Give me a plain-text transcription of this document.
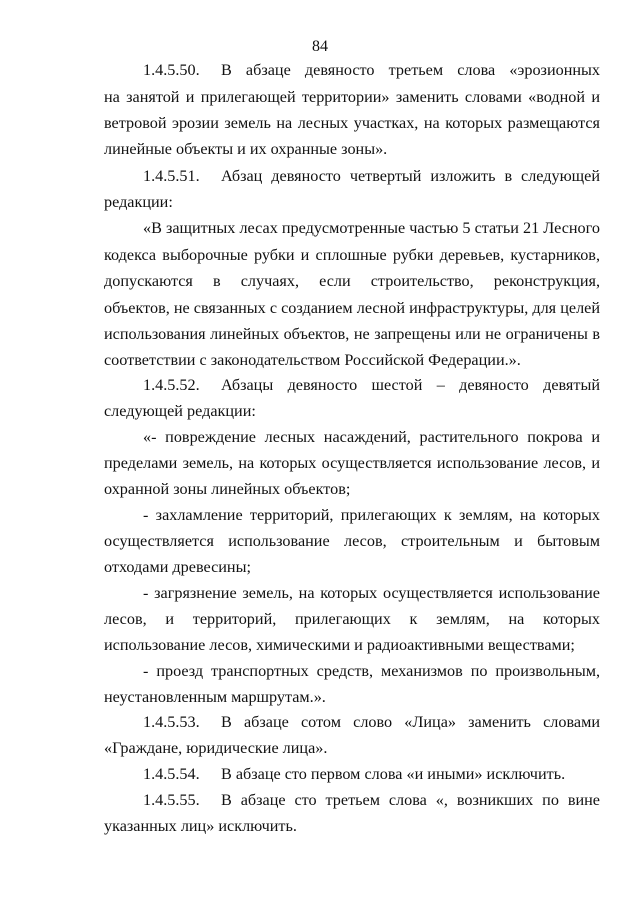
84
1.4.5.50.	В абзаце девяносто третьем слова «эрозионных
на занятой и прилегающей территории» заменить словами «водной и
ветровой эрозии земель на лесных участках, на которых размещаются
линейные объекты и их охранные зоны».
1.4.5.51.	Абзац девяносто четвертый изложить в следующей
редакции:
«В защитных лесах предусмотренные частью 5 статьи 21 Лесного
кодекса выборочные рубки и сплошные рубки деревьев, кустарников,
допускаются в случаях, если строительство, реконструкция,
объектов, не связанных с созданием лесной инфраструктуры, для целей
использования линейных объектов, не запрещены или не ограничены в
соответствии с законодательством Российской Федерации.».
1.4.5.52.	Абзацы девяносто шестой – девяносто девятый
следующей редакции:
«- повреждение лесных насаждений, растительного покрова и
пределами земель, на которых осуществляется использование лесов, и
охранной зоны линейных объектов;
- захламление территорий, прилегающих к землям, на которых
осуществляется использование лесов, строительным и бытовым
отходами древесины;
- загрязнение земель, на которых осуществляется использование
лесов, и территорий, прилегающих к землям, на которых
использование лесов, химическими и радиоактивными веществами;
- проезд транспортных средств, механизмов по произвольным,
неустановленным маршрутам.».
1.4.5.53.	В абзаце сотом слово «Лица» заменить словами
«Граждане, юридические лица».
1.4.5.54.	В абзаце сто первом слова «и иными» исключить.
1.4.5.55.	В абзаце сто третьем слова «, возникших по вине
указанных лиц» исключить.
